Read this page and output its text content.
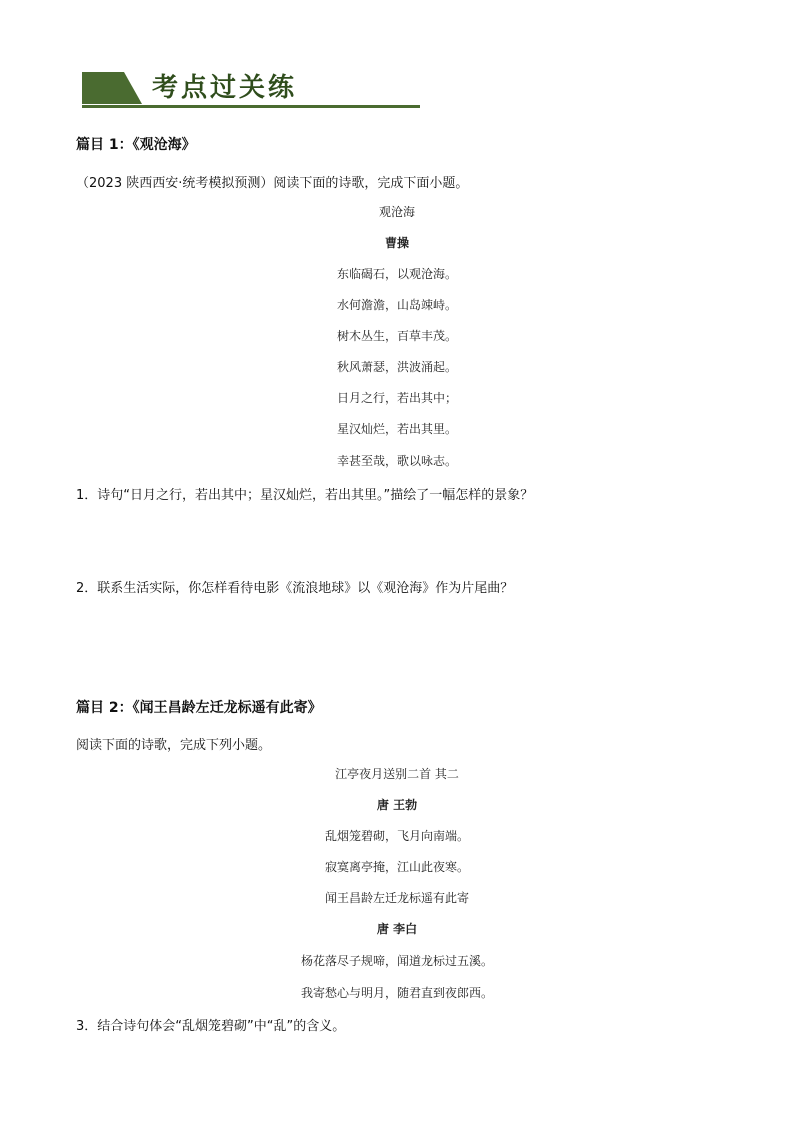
考点过关练
篇目 1：《观沧海》
（2023 陕西西安·统考模拟预测）阅读下面的诗歌，完成下面小题。
观沧海
曹操
东临碣石，以观沧海。
水何澹澹，山岛竦峙。
树木丛生，百草丰茂。
秋风萧瑟，洪波涌起。
日月之行，若出其中；
星汉灿烂，若出其里。
幸甚至哉，歌以咏志。
1．诗句“日月之行，若出其中；星汉灿烂，若出其里。”描绘了一幅怎样的景象？
2．联系生活实际，你怎样看待电影《流浪地球》以《观沧海》作为片尾曲？
篇目 2：《闻王昌龄左迁龙标遥有此寄》
阅读下面的诗歌，完成下列小题。
江亭夜月送别二首 其二
唐 王勃
乱烟笼碧砌，飞月向南端。
寂寞离亭掩，江山此夜寒。
闻王昌龄左迁龙标遥有此寄
唐 李白
杨花落尽子规啼，闻道龙标过五溪。
我寄愁心与明月，随君直到夜郎西。
3．结合诗句体会“乱烟笼碧砌”中“乱”的含义。
